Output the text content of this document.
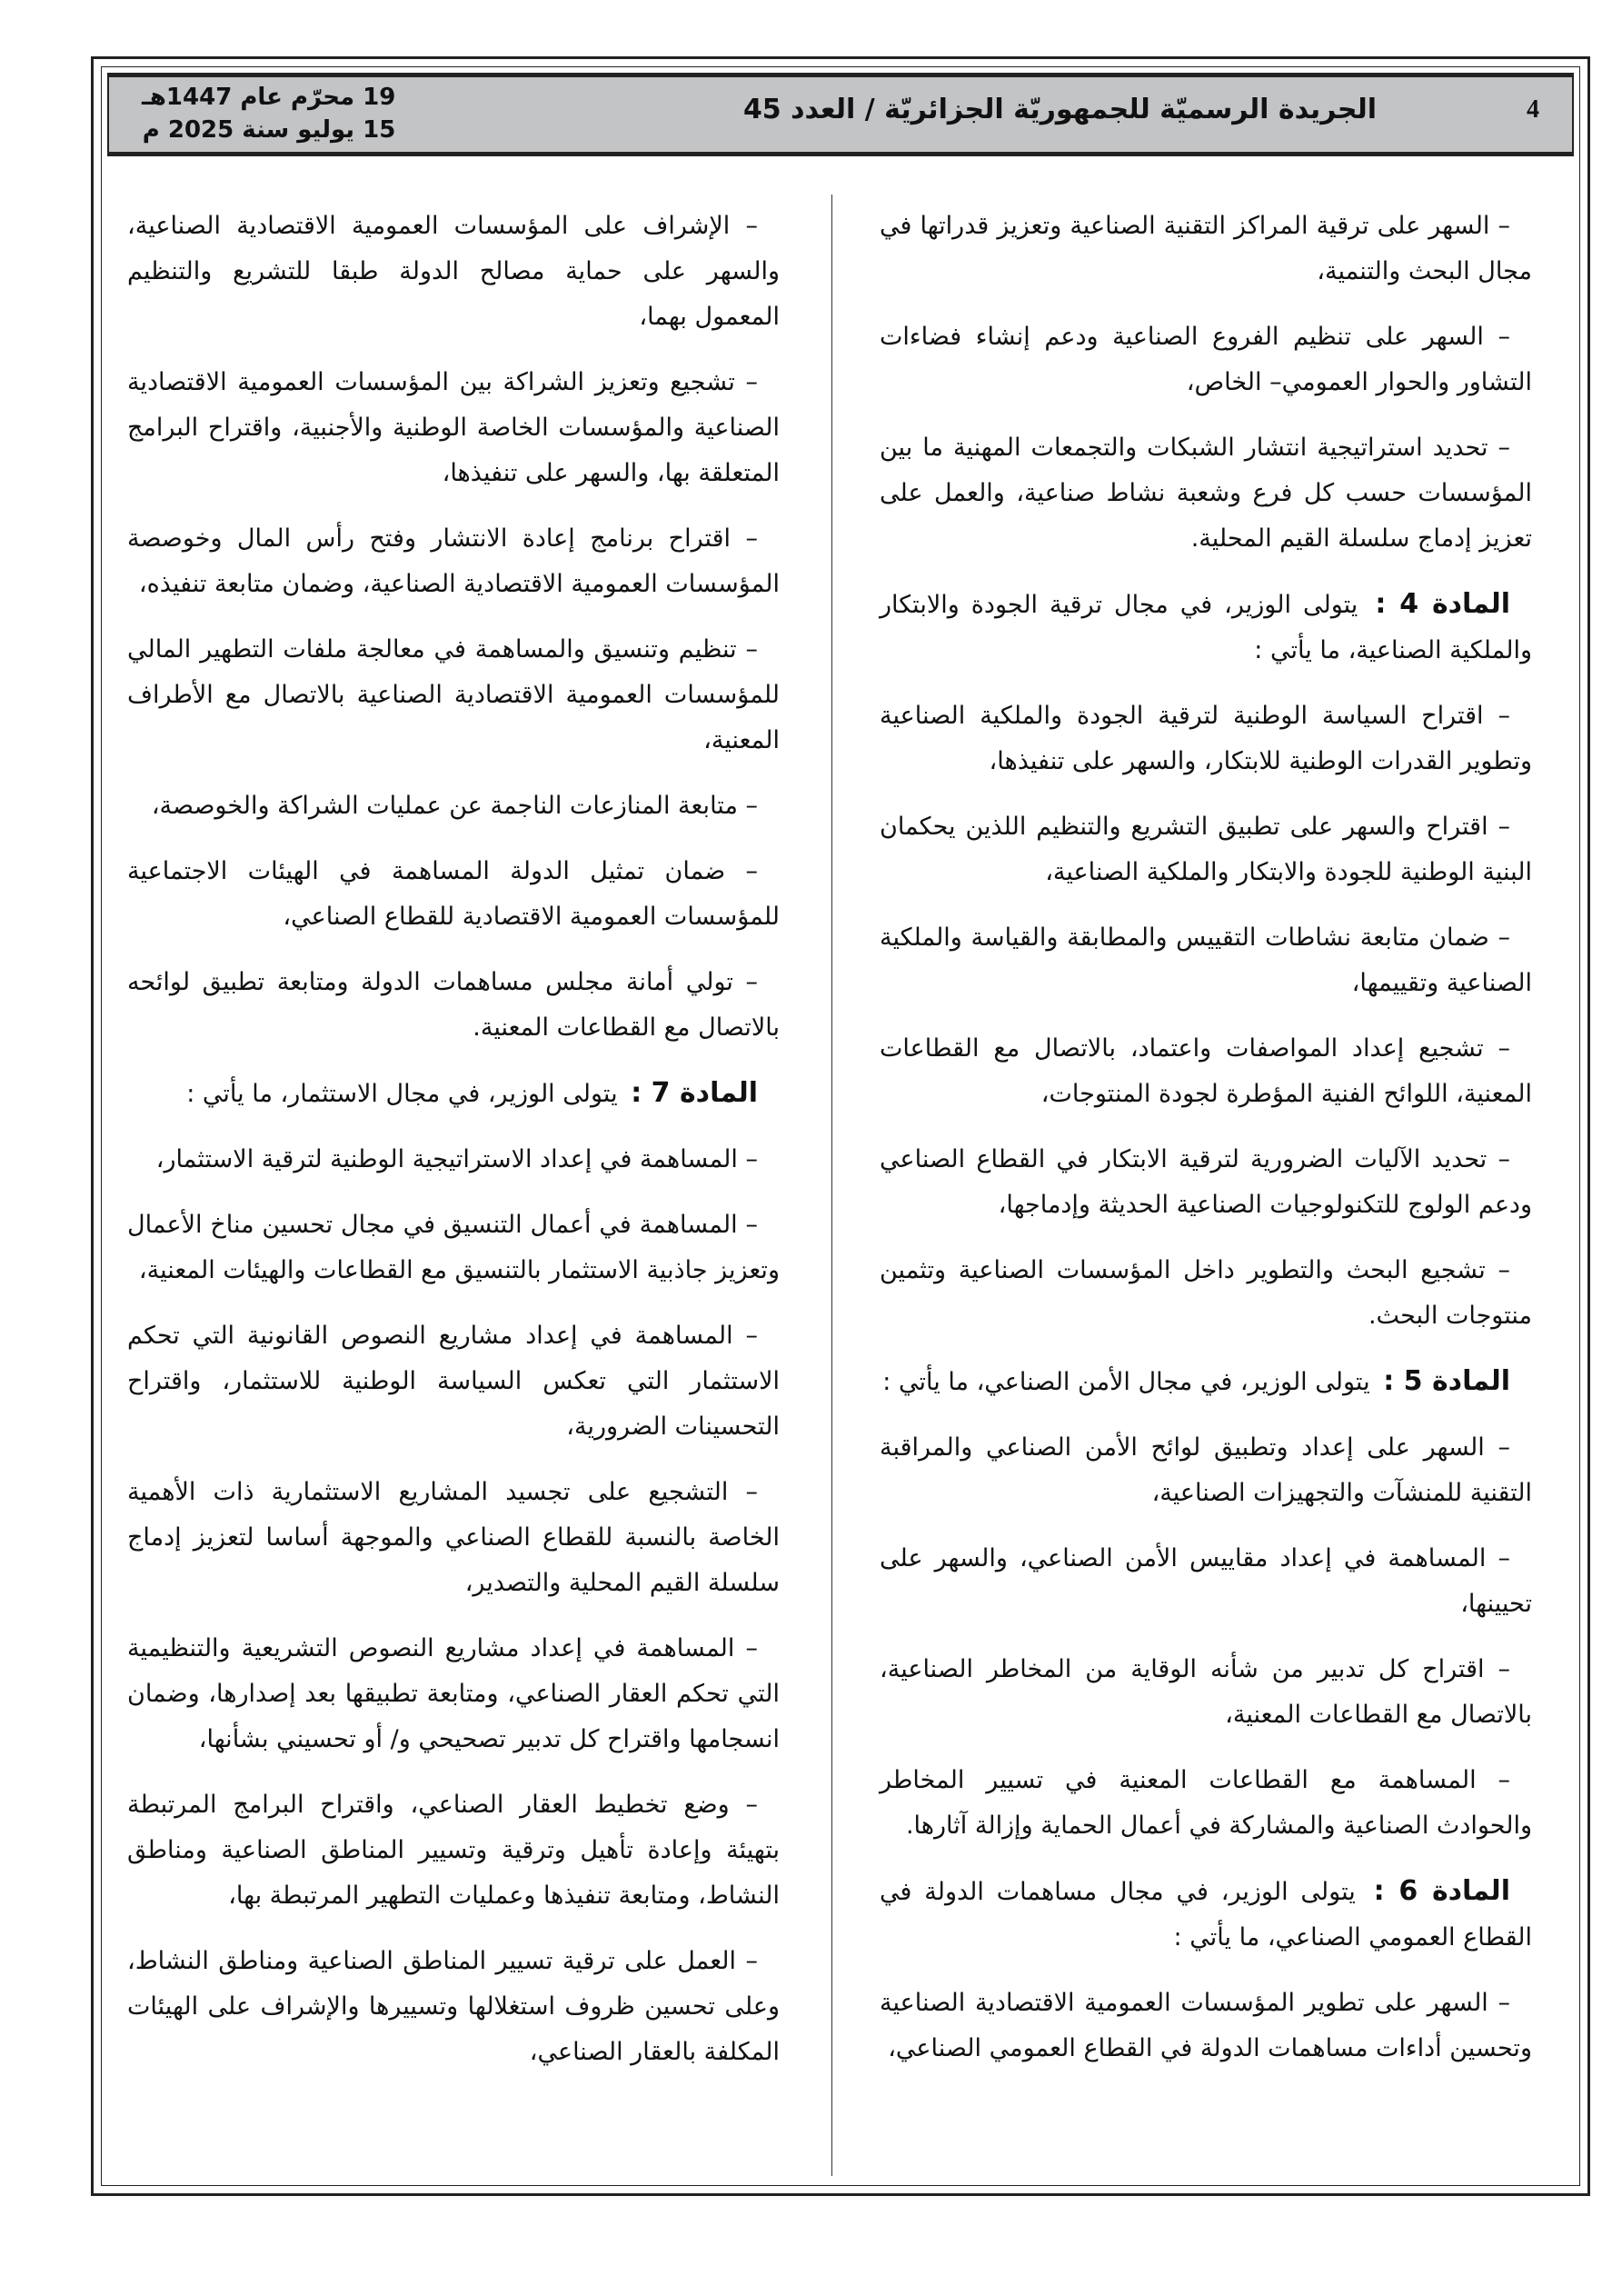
4
الجريدة الرسميّة للجمهوريّة الجزائريّة / العدد 45
19 محرّم عام 1447هـ
15 يوليو سنة 2025 م

– السهر على ترقية المراكز التقنية الصناعية وتعزيز قدراتها في مجال البحث والتنمية،

– السهر على تنظيم الفروع الصناعية ودعم إنشاء فضاءات التشاور والحوار العمومي– الخاص،

– تحديد استراتيجية انتشار الشبكات والتجمعات المهنية ما بين المؤسسات حسب كل فرع وشعبة نشاط صناعية، والعمل على تعزيز إدماج سلسلة القيم المحلية.

المادة 4 : يتولى الوزير، في مجال ترقية الجودة والابتكار والملكية الصناعية، ما يأتي :

– اقتراح السياسة الوطنية لترقية الجودة والملكية الصناعية وتطوير القدرات الوطنية للابتكار، والسهر على تنفيذها،

– اقتراح والسهر على تطبيق التشريع والتنظيم اللذين يحكمان البنية الوطنية للجودة والابتكار والملكية الصناعية،

– ضمان متابعة نشاطات التقييس والمطابقة والقياسة والملكية الصناعية وتقييمها،

– تشجيع إعداد المواصفات واعتماد، بالاتصال مع القطاعات المعنية، اللوائح الفنية المؤطرة لجودة المنتوجات،

– تحديد الآليات الضرورية لترقية الابتكار في القطاع الصناعي ودعم الولوج للتكنولوجيات الصناعية الحديثة وإدماجها،

– تشجيع البحث والتطوير داخل المؤسسات الصناعية وتثمين منتوجات البحث.

المادة 5 : يتولى الوزير، في مجال الأمن الصناعي، ما يأتي :

– السهر على إعداد وتطبيق لوائح الأمن الصناعي والمراقبة التقنية للمنشآت والتجهيزات الصناعية،

– المساهمة في إعداد مقاييس الأمن الصناعي، والسهر على تحيينها،

– اقتراح كل تدبير من شأنه الوقاية من المخاطر الصناعية، بالاتصال مع القطاعات المعنية،

– المساهمة مع القطاعات المعنية في تسيير المخاطر والحوادث الصناعية والمشاركة في أعمال الحماية وإزالة آثارها.

المادة 6 : يتولى الوزير، في مجال مساهمات الدولة في القطاع العمومي الصناعي، ما يأتي :

– السهر على تطوير المؤسسات العمومية الاقتصادية الصناعية وتحسين أداءات مساهمات الدولة في القطاع العمومي الصناعي،

– الإشراف على المؤسسات العمومية الاقتصادية الصناعية، والسهر على حماية مصالح الدولة طبقا للتشريع والتنظيم المعمول بهما،

– تشجيع وتعزيز الشراكة بين المؤسسات العمومية الاقتصادية الصناعية والمؤسسات الخاصة الوطنية والأجنبية، واقتراح البرامج المتعلقة بها، والسهر على تنفيذها،

– اقتراح برنامج إعادة الانتشار وفتح رأس المال وخوصصة المؤسسات العمومية الاقتصادية الصناعية، وضمان متابعة تنفيذه،

– تنظيم وتنسيق والمساهمة في معالجة ملفات التطهير المالي للمؤسسات العمومية الاقتصادية الصناعية بالاتصال مع الأطراف المعنية،

– متابعة المنازعات الناجمة عن عمليات الشراكة والخوصصة،

– ضمان تمثيل الدولة المساهمة في الهيئات الاجتماعية للمؤسسات العمومية الاقتصادية للقطاع الصناعي،

– تولي أمانة مجلس مساهمات الدولة ومتابعة تطبيق لوائحه بالاتصال مع القطاعات المعنية.

المادة 7 : يتولى الوزير، في مجال الاستثمار، ما يأتي :

– المساهمة في إعداد الاستراتيجية الوطنية لترقية الاستثمار،

– المساهمة في أعمال التنسيق في مجال تحسين مناخ الأعمال وتعزيز جاذبية الاستثمار بالتنسيق مع القطاعات والهيئات المعنية،

– المساهمة في إعداد مشاريع النصوص القانونية التي تحكم الاستثمار التي تعكس السياسة الوطنية للاستثمار، واقتراح التحسينات الضرورية،

– التشجيع على تجسيد المشاريع الاستثمارية ذات الأهمية الخاصة بالنسبة للقطاع الصناعي والموجهة أساسا لتعزيز إدماج سلسلة القيم المحلية والتصدير،

– المساهمة في إعداد مشاريع النصوص التشريعية والتنظيمية التي تحكم العقار الصناعي، ومتابعة تطبيقها بعد إصدارها، وضمان انسجامها واقتراح كل تدبير تصحيحي و/ أو تحسيني بشأنها،

– وضع تخطيط العقار الصناعي، واقتراح البرامج المرتبطة بتهيئة وإعادة تأهيل وترقية وتسيير المناطق الصناعية ومناطق النشاط، ومتابعة تنفيذها وعمليات التطهير المرتبطة بها،

– العمل على ترقية تسيير المناطق الصناعية ومناطق النشاط، وعلى تحسين ظروف استغلالها وتسييرها والإشراف على الهيئات المكلفة بالعقار الصناعي،
